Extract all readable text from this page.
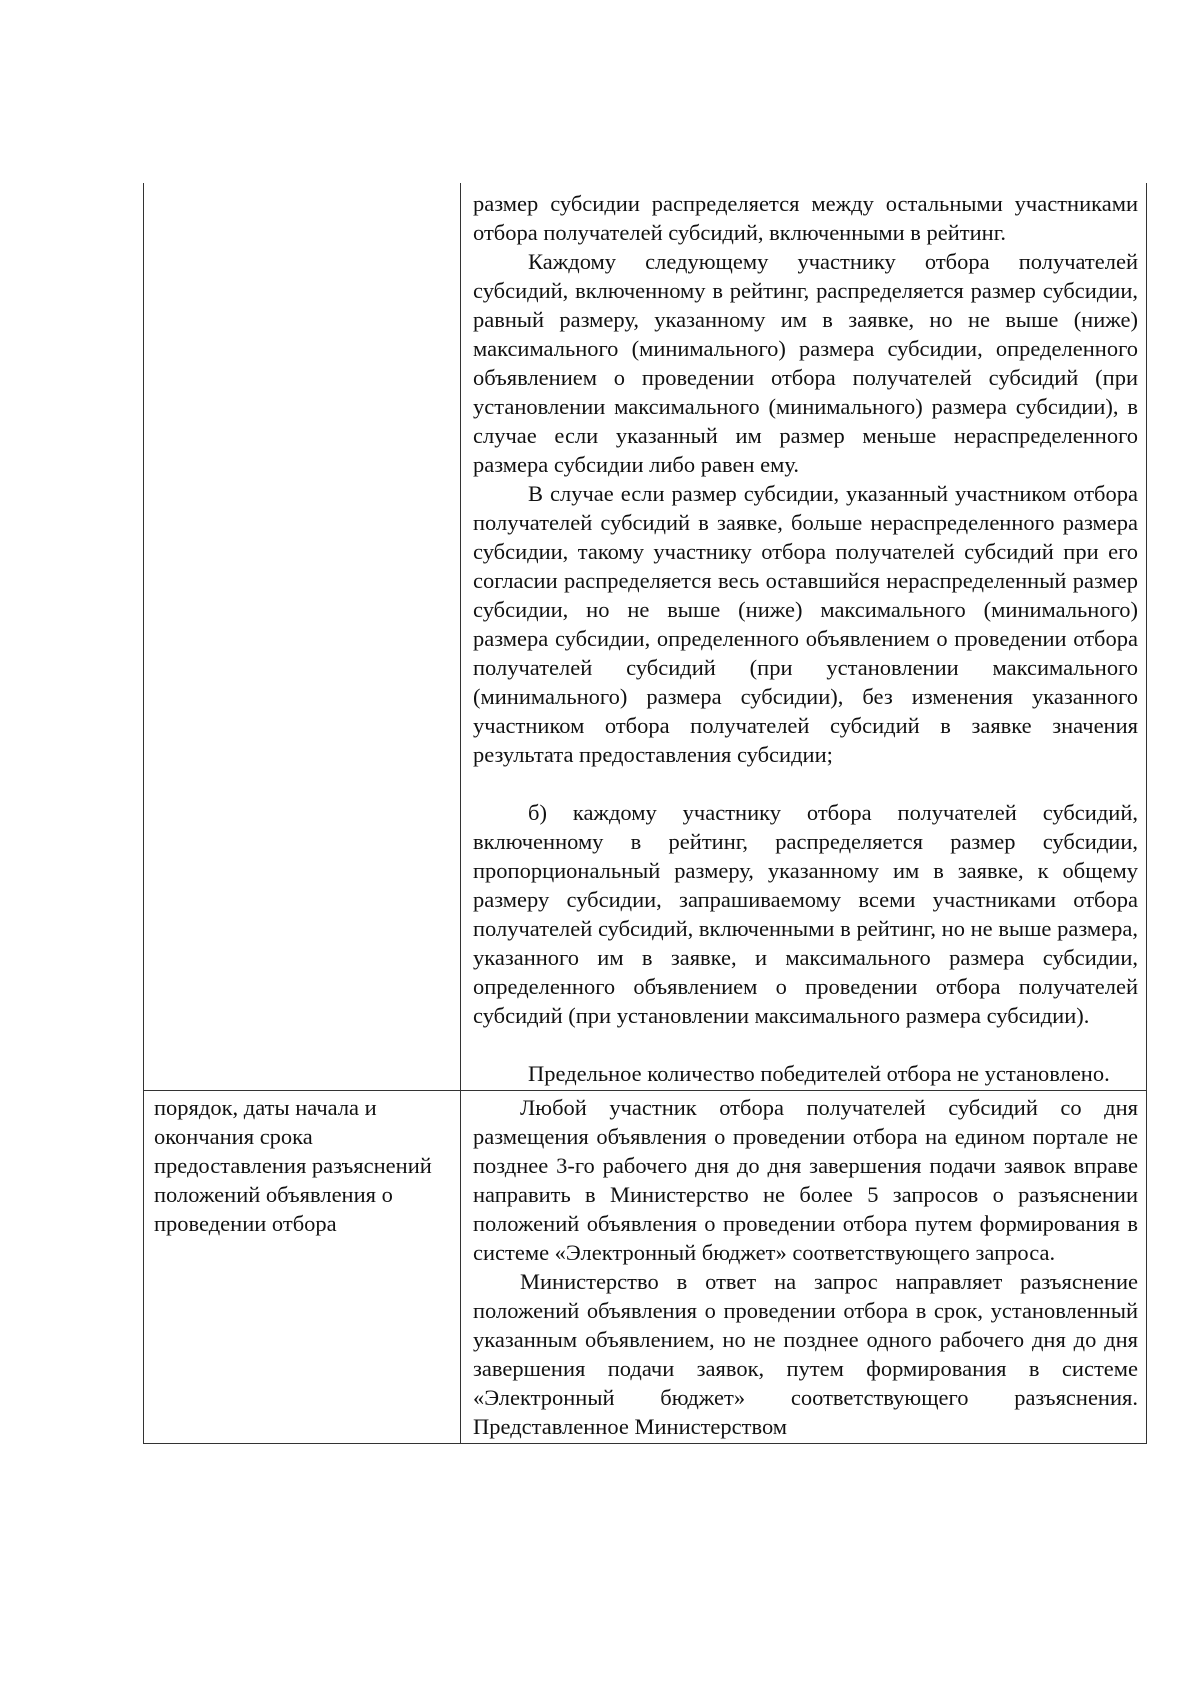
	размер субсидии распределяется между остальными участниками отбора получателей субсидий, включенными в рейтинг.

Каждому следующему участнику отбора получателей субсидий, включенному в рейтинг, распределяется размер субсидии, равный размеру, указанному им в заявке, но не выше (ниже) максимального (минимального) размера субсидии, определенного объявлением о проведении отбора получателей субсидий (при установлении максимального (минимального) размера субсидии), в случае если указанный им размер меньше нераспределенного размера субсидии либо равен ему.

В случае если размер субсидии, указанный участником отбора получателей субсидий в заявке, больше нераспределенного размера субсидии, такому участнику отбора получателей субсидий при его согласии распределяется весь оставшийся нераспределенный размер субсидии, но не выше (ниже) максимального (минимального) размера субсидии, определенного объявлением о проведении отбора получателей субсидий (при установлении максимального (минимального) размера субсидии), без изменения указанного участником отбора получателей субсидий в заявке значения результата предоставления субсидии;

б) каждому участнику отбора получателей субсидий, включенному в рейтинг, распределяется размер субсидии, пропорциональный размеру, указанному им в заявке, к общему размеру субсидии, запрашиваемому всеми участниками отбора получателей субсидий, включенными в рейтинг, но не выше размера, указанного им в заявке, и максимального размера субсидии, определенного объявлением о проведении отбора получателей субсидий (при установлении максимального размера субсидии).

Предельное количество победителей отбора не установлено.

порядок, даты начала и окончания срока предоставления разъяснений положений объявления о проведении отбора	Любой участник отбора получателей субсидий со дня размещения объявления о проведении отбора на едином портале не позднее 3-го рабочего дня до дня завершения подачи заявок вправе направить в Министерство не более 5 запросов о разъяснении положений объявления о проведении отбора путем формирования в системе «Электронный бюджет» соответствующего запроса.

Министерство в ответ на запрос направляет разъяснение положений объявления о проведении отбора в срок, установленный указанным объявлением, но не позднее одного рабочего дня до дня завершения подачи заявок, путем формирования в системе «Электронный бюджет» соответствующего разъяснения. Представленное Министерством
